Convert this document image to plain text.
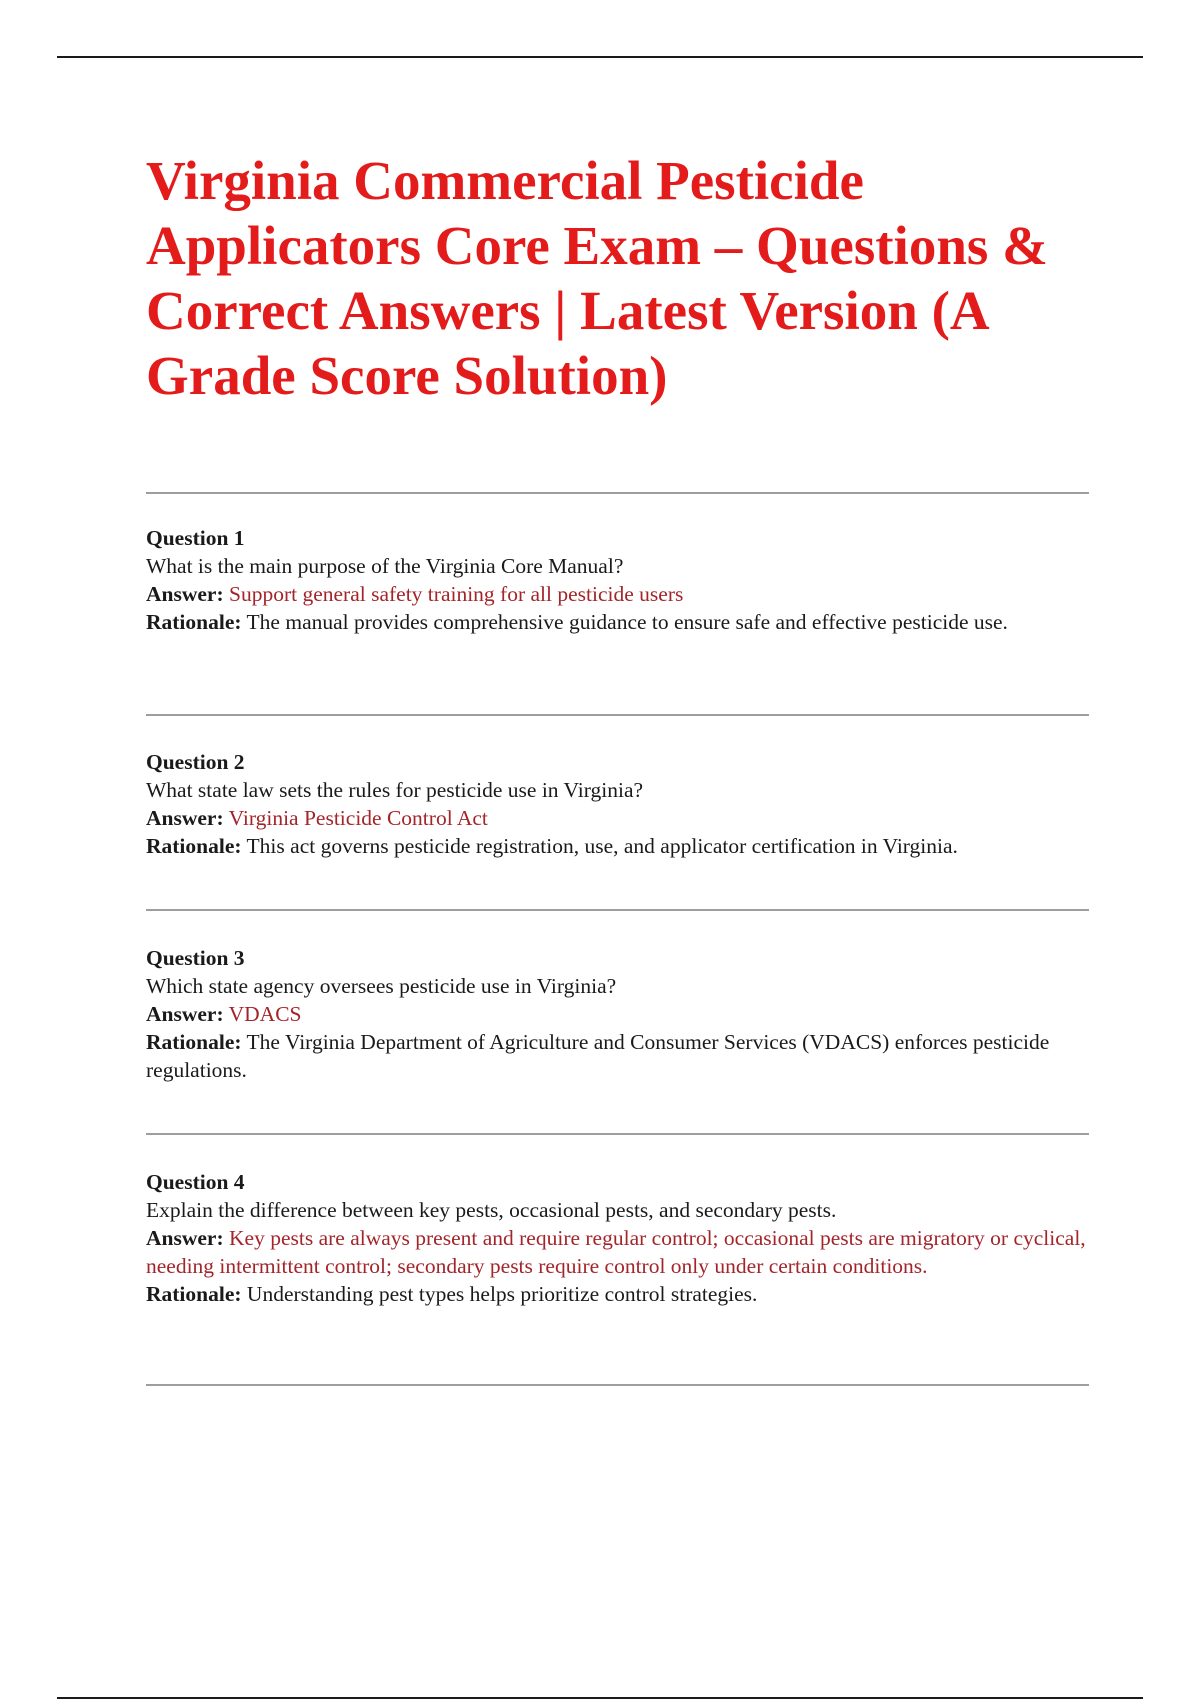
Virginia Commercial Pesticide Applicators Core Exam – Questions & Correct Answers | Latest Version (A Grade Score Solution)
Question 1
What is the main purpose of the Virginia Core Manual?
Answer: Support general safety training for all pesticide users
Rationale: The manual provides comprehensive guidance to ensure safe and effective pesticide use.
Question 2
What state law sets the rules for pesticide use in Virginia?
Answer: Virginia Pesticide Control Act
Rationale: This act governs pesticide registration, use, and applicator certification in Virginia.
Question 3
Which state agency oversees pesticide use in Virginia?
Answer: VDACS
Rationale: The Virginia Department of Agriculture and Consumer Services (VDACS) enforces pesticide regulations.
Question 4
Explain the difference between key pests, occasional pests, and secondary pests.
Answer: Key pests are always present and require regular control; occasional pests are migratory or cyclical, needing intermittent control; secondary pests require control only under certain conditions.
Rationale: Understanding pest types helps prioritize control strategies.
